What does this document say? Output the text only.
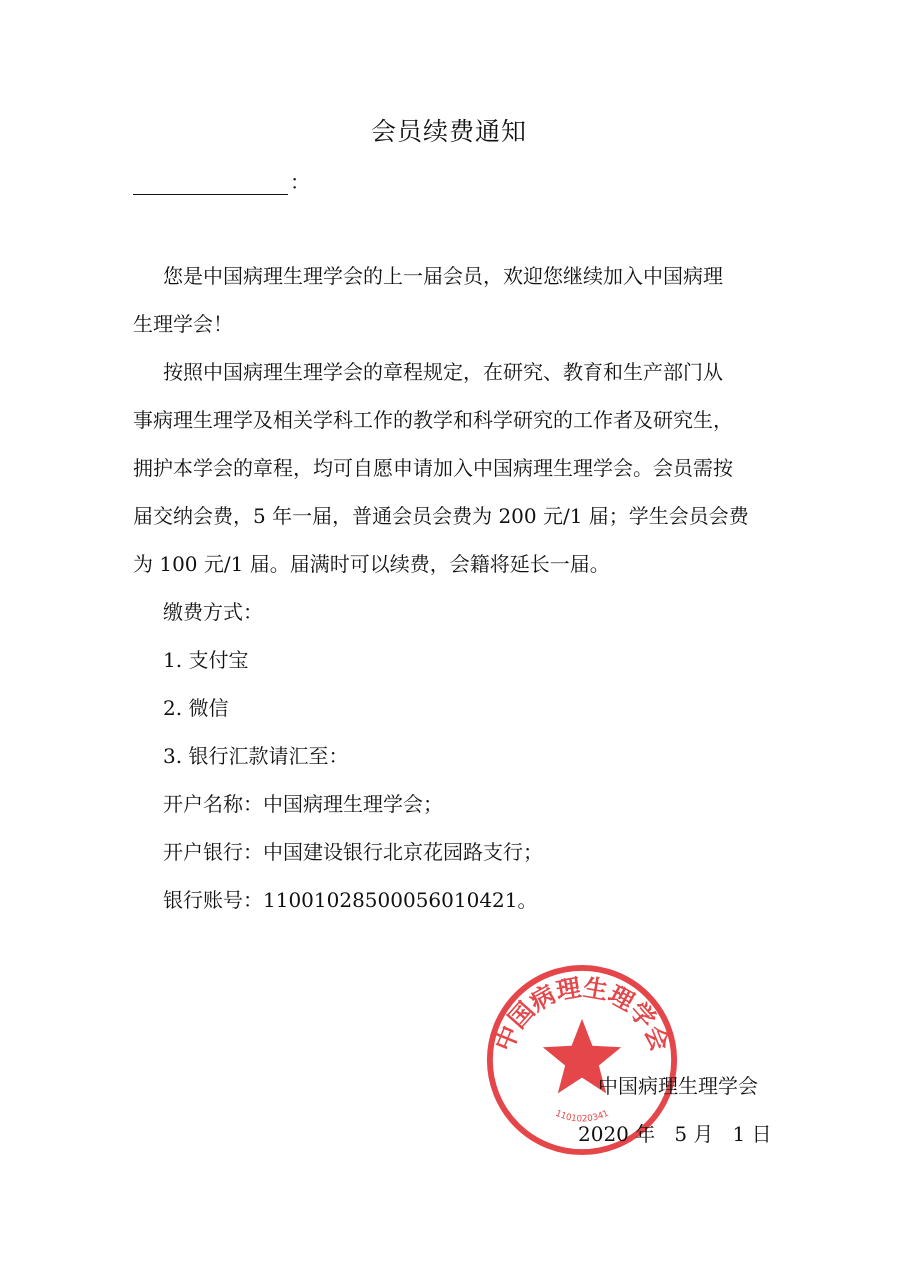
会员续费通知
：
您是中国病理生理学会的上一届会员，欢迎您继续加入中国病理
生理学会！
按照中国病理生理学会的章程规定，在研究、教育和生产部门从
事病理生理学及相关学科工作的教学和科学研究的工作者及研究生，
拥护本学会的章程，均可自愿申请加入中国病理生理学会。会员需按
届交纳会费，5 年一届，普通会员会费为 200 元/1 届；学生会员会费
为 100 元/1 届。届满时可以续费，会籍将延长一届。
缴费方式：
1. 支付宝
2. 微信
3. 银行汇款请汇至：
开户名称：中国病理生理学会；
开户银行：中国建设银行北京花园路支行；
银行账号：11001028500056010421。
中国病理生理学会
1101020341
中国病理生理学会
2020 年   5 月   1 日
